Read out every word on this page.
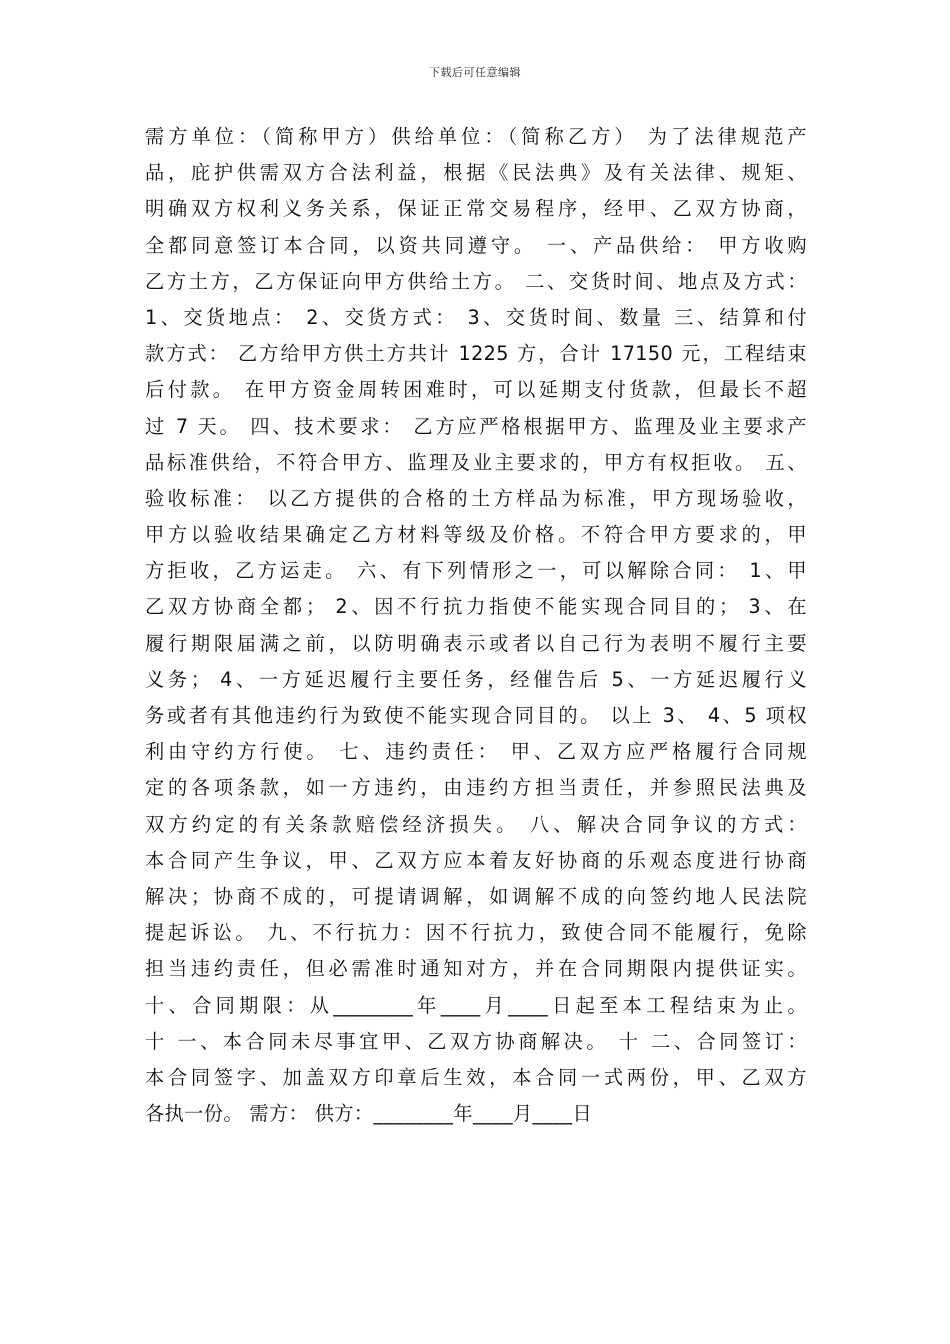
下载后可任意编辑
需方单位：（简称甲方）供给单位：（简称乙方） 为了法律规范产
品，庇护供需双方合法利益，根据《民法典》及有关法律、规矩、
明确双方权利义务关系，保证正常交易程序，经甲、乙双方协商，
全都同意签订本合同，以资共同遵守。 一、产品供给： 甲方收购
乙方土方，乙方保证向甲方供给土方。 二、交货时间、地点及方式：
1、交货地点： 2、交货方式： 3、交货时间、数量 三、结算和付
款方式： 乙方给甲方供土方共计 1225 方，合计 17150 元，工程结束
后付款。 在甲方资金周转困难时，可以延期支付货款，但最长不超
过 7 天。 四、技术要求： 乙方应严格根据甲方、监理及业主要求产
品标准供给，不符合甲方、监理及业主要求的，甲方有权拒收。 五、
验收标准： 以乙方提供的合格的土方样品为标准，甲方现场验收，
甲方以验收结果确定乙方材料等级及价格。不符合甲方要求的，甲
方拒收，乙方运走。 六、有下列情形之一，可以解除合同： 1、甲
乙双方协商全都； 2、因不行抗力指使不能实现合同目的； 3、在
履行期限届满之前，以防明确表示或者以自己行为表明不履行主要
义务； 4、一方延迟履行主要任务，经催告后 5、一方延迟履行义
务或者有其他违约行为致使不能实现合同目的。 以上 3、 4、5 项权
利由守约方行使。 七、违约责任： 甲、乙双方应严格履行合同规
定的各项条款，如一方违约，由违约方担当责任，并参照民法典及
双方约定的有关条款赔偿经济损失。 八、解决合同争议的方式：
本合同产生争议，甲、乙双方应本着友好协商的乐观态度进行协商
解决；协商不成的，可提请调解，如调解不成的向签约地人民法院
提起诉讼。 九、不行抗力：因不行抗力，致使合同不能履行，免除
担当违约责任，但必需准时通知对方，并在合同期限内提供证实。
十、合同期限：从________年____月____日起至本工程结束为止。
十 一、本合同未尽事宜甲、乙双方协商解决。 十 二、合同签订：
本合同签字、加盖双方印章后生效，本合同一式两份，甲、乙双方
各执一份。 需方： 供方：________年____月____日
